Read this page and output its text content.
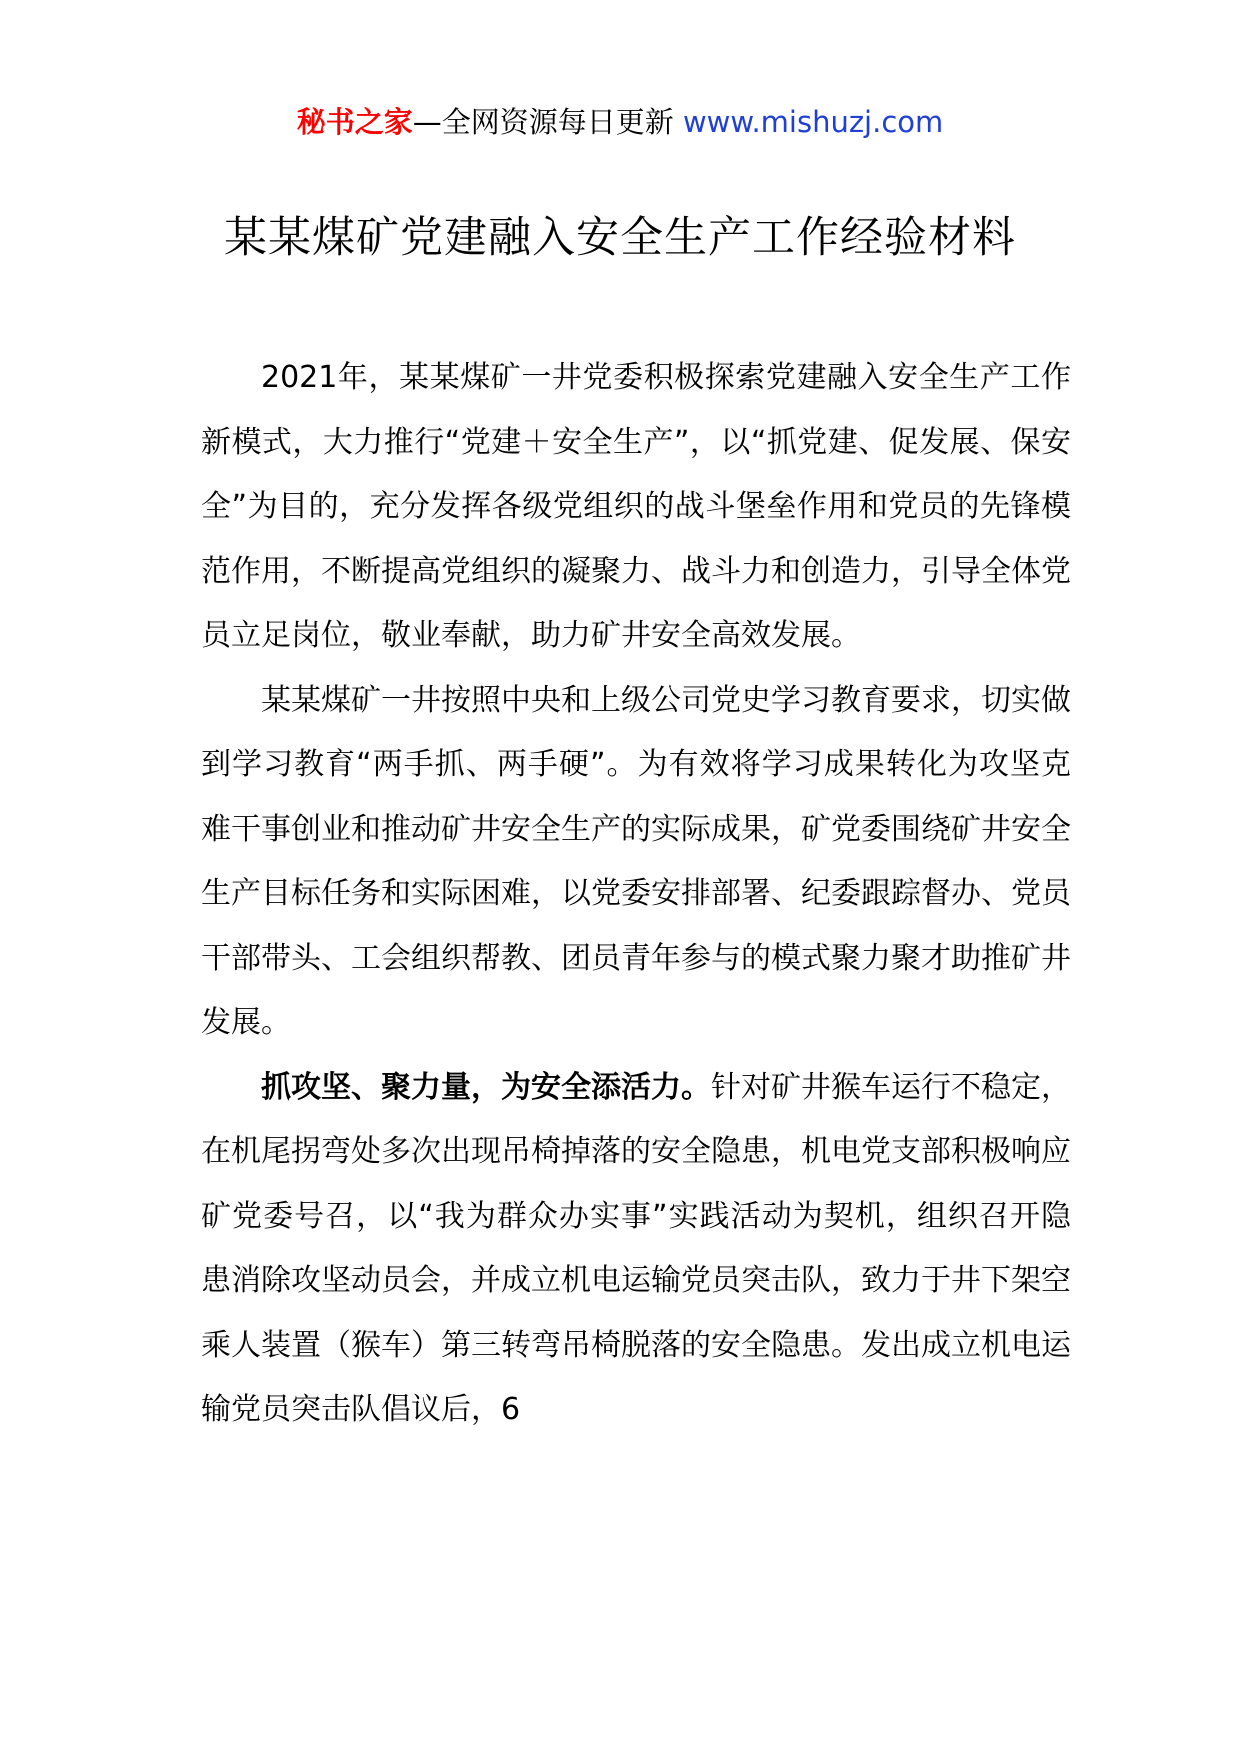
秘书之家—全网资源每日更新 www.mishuzj.com
某某煤矿党建融入安全生产工作经验材料

2021年，某某煤矿一井党委积极探索党建融入安全生产工作新模式，大力推行“党建＋安全生产”，以“抓党建、促发展、保安全”为目的，充分发挥各级党组织的战斗堡垒作用和党员的先锋模范作用，不断提高党组织的凝聚力、战斗力和创造力，引导全体党员立足岗位，敬业奉献，助力矿井安全高效发展。

某某煤矿一井按照中央和上级公司党史学习教育要求，切实做到学习教育“两手抓、两手硬”。为有效将学习成果转化为攻坚克难干事创业和推动矿井安全生产的实际成果，矿党委围绕矿井安全生产目标任务和实际困难，以党委安排部署、纪委跟踪督办、党员干部带头、工会组织帮教、团员青年参与的模式聚力聚才助推矿井发展。

抓攻坚、聚力量，为安全添活力。针对矿井猴车运行不稳定，在机尾拐弯处多次出现吊椅掉落的安全隐患，机电党支部积极响应矿党委号召，以“我为群众办实事”实践活动为契机，组织召开隐患消除攻坚动员会，并成立机电运输党员突击队，致力于井下架空乘人装置（猴车）第三转弯吊椅脱落的安全隐患。发出成立机电运输党员突击队倡议后，6
